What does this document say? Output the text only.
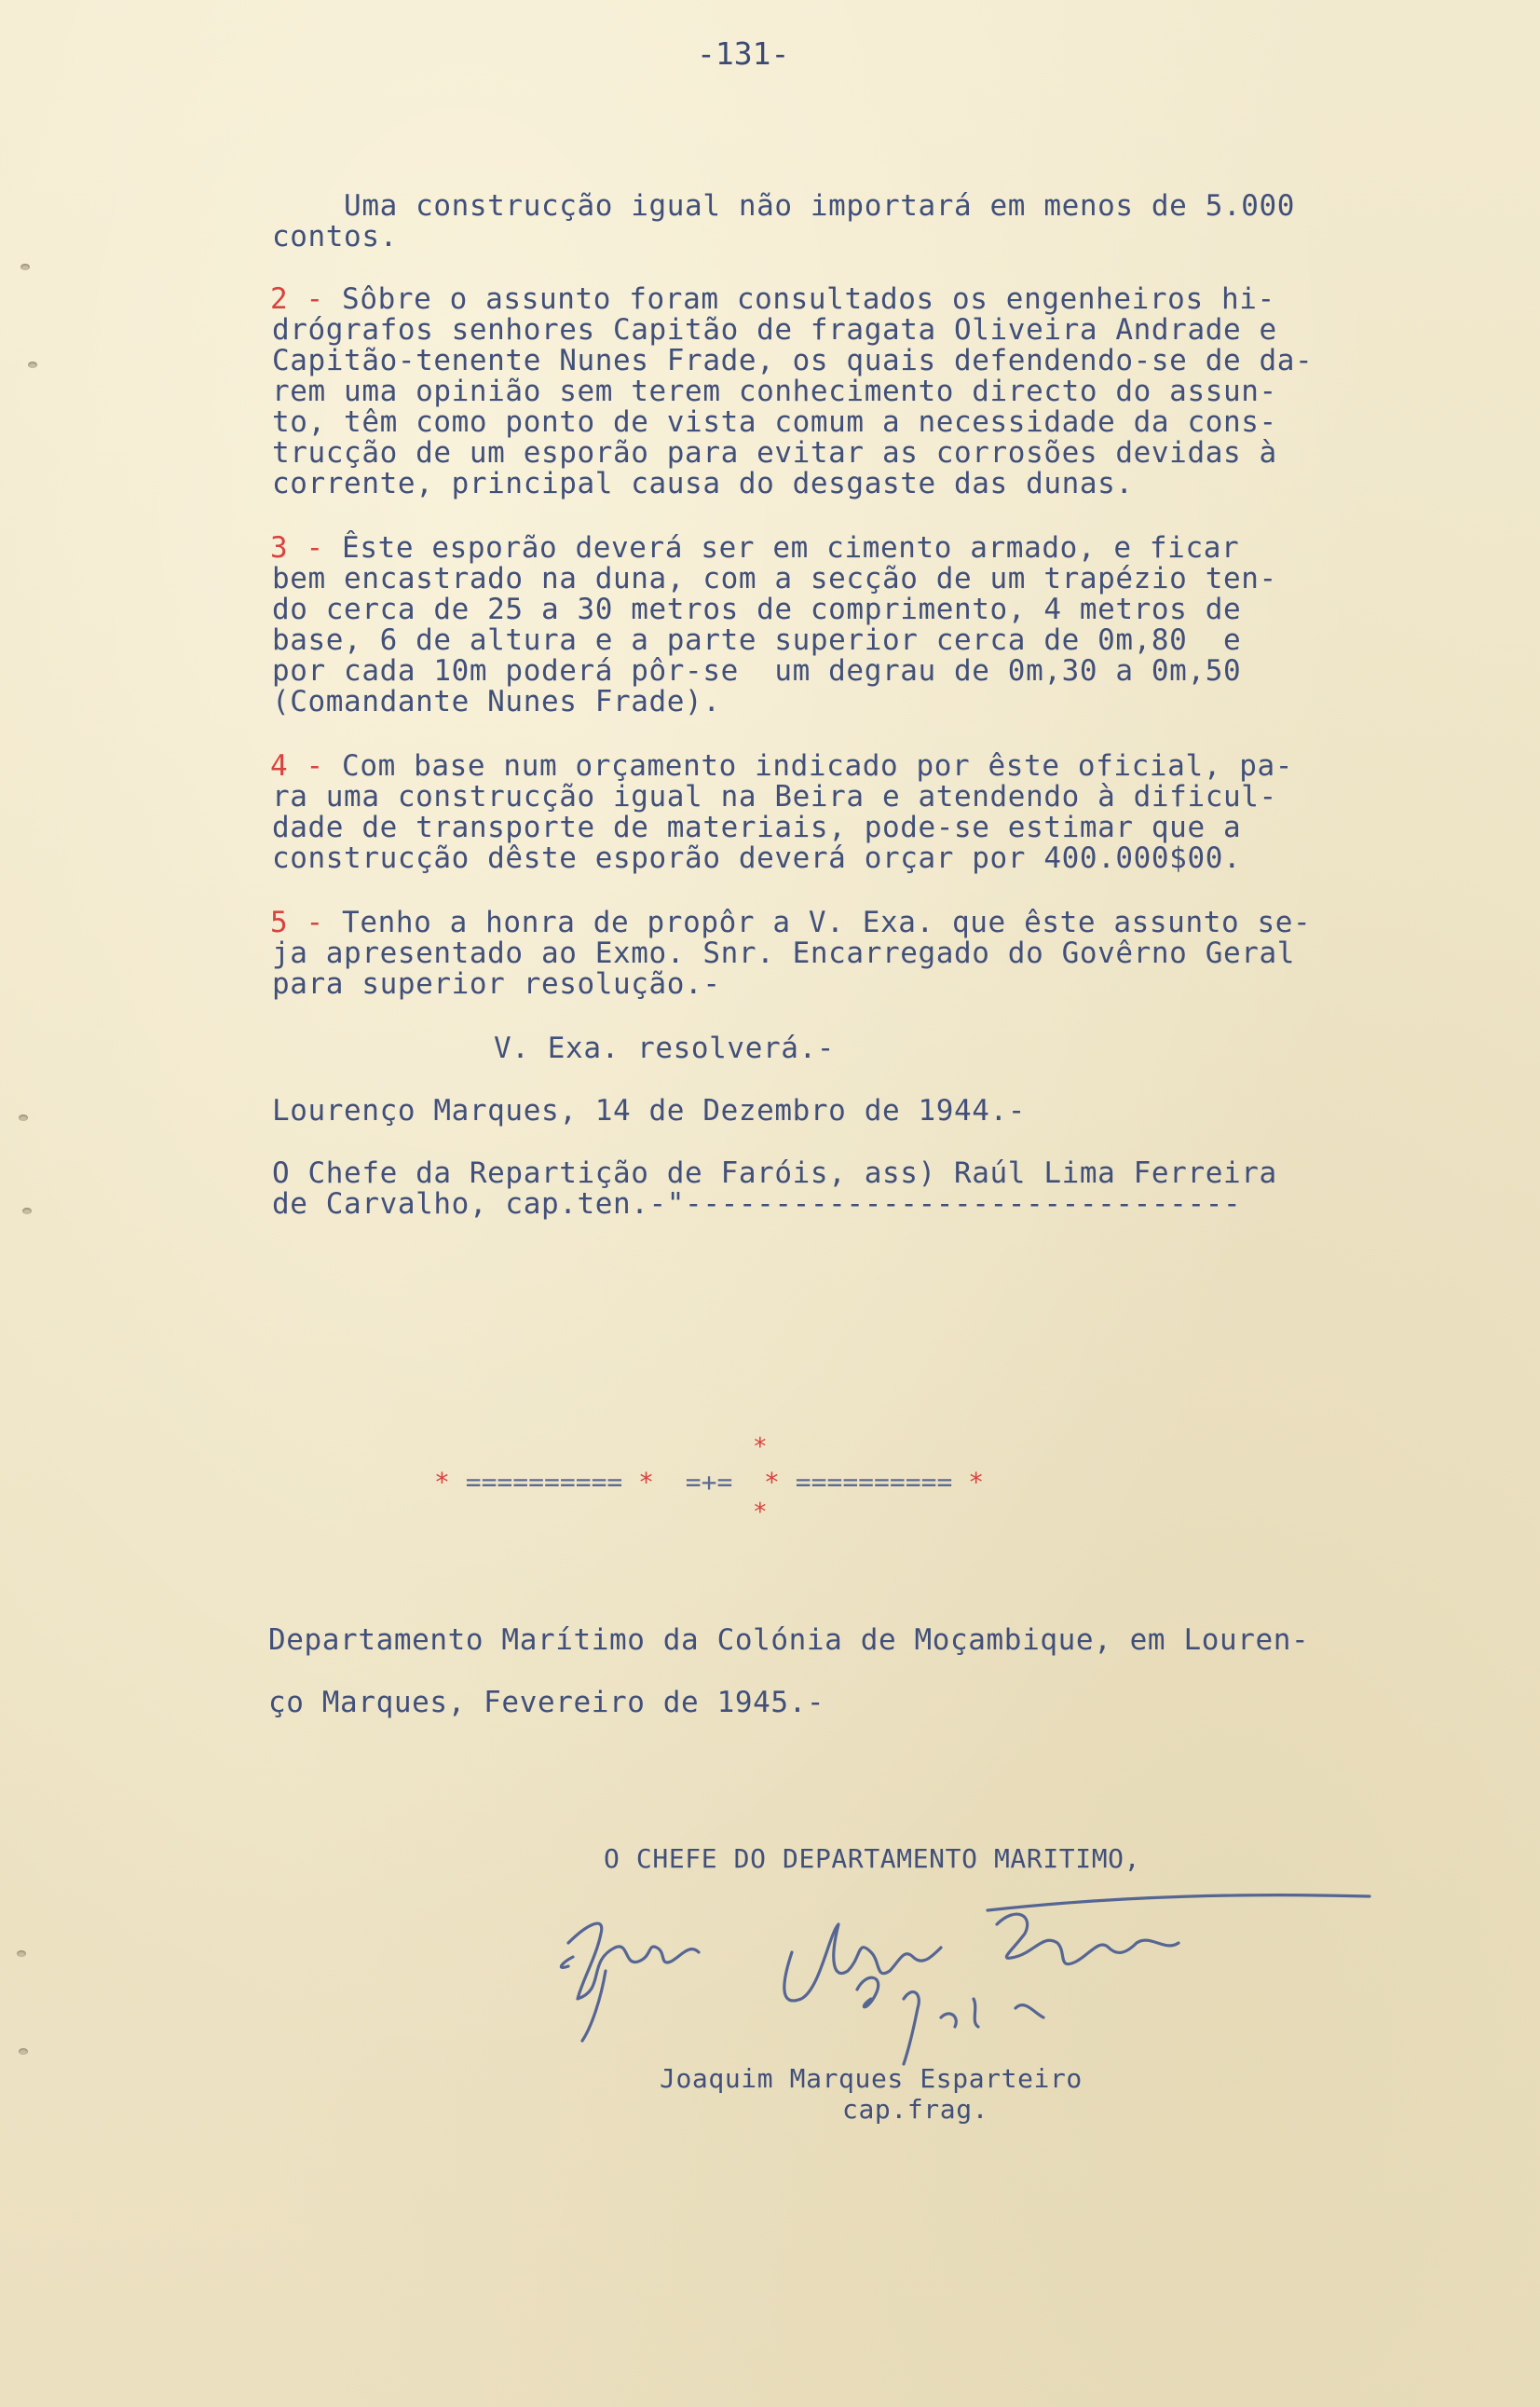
-131-
Uma construcção igual não importará em menos de 5.000
contos.
2 - Sôbre o assunto foram consultados os engenheiros hi-
drógrafos senhores Capitão de fragata Oliveira Andrade e
Capitão-tenente Nunes Frade, os quais defendendo-se de da-
rem uma opinião sem terem conhecimento directo do assun-
to, têm como ponto de vista comum a necessidade da cons-
trucção de um esporão para evitar as corrosões devidas à
corrente, principal causa do desgaste das dunas.
3 - Êste esporão deverá ser em cimento armado, e ficar
bem encastrado na duna, com a secção de um trapézio ten-
do cerca de 25 a 30 metros de comprimento, 4 metros de
base, 6 de altura e a parte superior cerca de 0m,80  e
por cada 10m poderá pôr-se  um degrau de 0m,30 a 0m,50
(Comandante Nunes Frade).
4 - Com base num orçamento indicado por êste oficial, pa-
ra uma construcção igual na Beira e atendendo à dificul-
dade de transporte de materiais, pode-se estimar que a
construcção dêste esporão deverá orçar por 400.000$00.
5 - Tenho a honra de propôr a V. Exa. que êste assunto se-
ja apresentado ao Exmo. Snr. Encarregado do Govêrno Geral
para superior resolução.-
V. Exa. resolverá.-
Lourenço Marques, 14 de Dezembro de 1944.-
O Chefe da Repartição de Faróis, ass) Raúl Lima Ferreira
de Carvalho, cap.ten.-"-------------------------------
*
* ========== * =+= * ========== *
*
Departamento Marítimo da Colónia de Moçambique, em Louren-
ço Marques, Fevereiro de 1945.-
O CHEFE DO DEPARTAMENTO MARITIMO,
Joaquim Marques Esparteiro
cap.frag.
